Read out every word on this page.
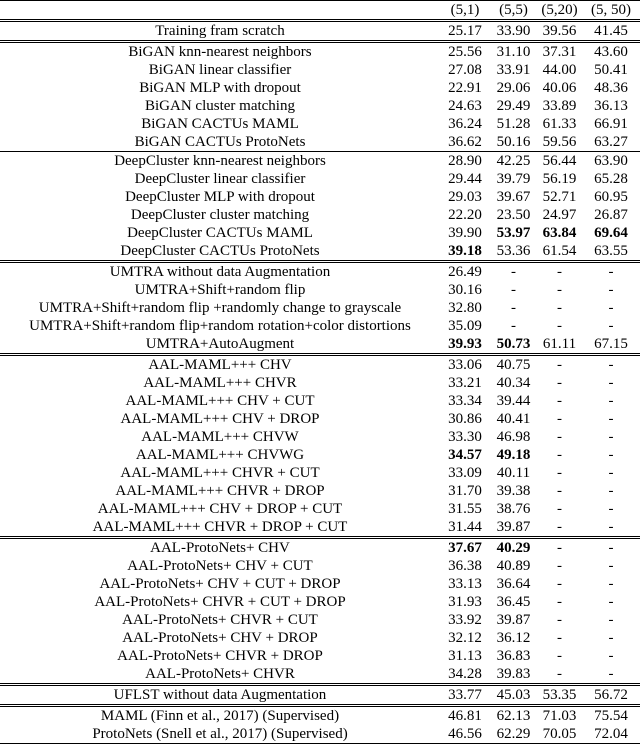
	(5,1)	(5,5)	(5,20)	(5, 50)
Training fram scratch	25.17	33.90	39.56	41.45
BiGAN knn-nearest neighbors	25.56	31.10	37.31	43.60
BiGAN linear classifier	27.08	33.91	44.00	50.41
BiGAN MLP with dropout	22.91	29.06	40.06	48.36
BiGAN cluster matching	24.63	29.49	33.89	36.13
BiGAN CACTUs MAML	36.24	51.28	61.33	66.91
BiGAN CACTUs ProtoNets	36.62	50.16	59.56	63.27
DeepCluster knn-nearest neighbors	28.90	42.25	56.44	63.90
DeepCluster linear classifier	29.44	39.79	56.19	65.28
DeepCluster MLP with dropout	29.03	39.67	52.71	60.95
DeepCluster cluster matching	22.20	23.50	24.97	26.87
DeepCluster CACTUs MAML	39.90	53.97	63.84	69.64
DeepCluster CACTUs ProtoNets	39.18	53.36	61.54	63.55
UMTRA without data Augmentation	26.49	-	-	-
UMTRA+Shift+random flip	30.16	-	-	-
UMTRA+Shift+random flip +randomly change to grayscale	32.80	-	-	-
UMTRA+Shift+random flip+random rotation+color distortions	35.09	-	-	-
UMTRA+AutoAugment	39.93	50.73	61.11	67.15
AAL-MAML+++ CHV	33.06	40.75	-	-
AAL-MAML+++ CHVR	33.21	40.34	-	-
AAL-MAML+++ CHV + CUT	33.34	39.44	-	-
AAL-MAML+++ CHV + DROP	30.86	40.41	-	-
AAL-MAML+++ CHVW	33.30	46.98	-	-
AAL-MAML+++ CHVWG	34.57	49.18	-	-
AAL-MAML+++ CHVR + CUT	33.09	40.11	-	-
AAL-MAML+++ CHVR + DROP	31.70	39.38	-	-
AAL-MAML+++ CHV + DROP + CUT	31.55	38.76	-	-
AAL-MAML+++ CHVR + DROP + CUT	31.44	39.87	-	-
AAL-ProtoNets+ CHV	37.67	40.29	-	-
AAL-ProtoNets+ CHV + CUT	36.38	40.89	-	-
AAL-ProtoNets+ CHV + CUT + DROP	33.13	36.64	-	-
AAL-ProtoNets+ CHVR + CUT + DROP	31.93	36.45	-	-
AAL-ProtoNets+ CHVR + CUT	33.92	39.87	-	-
AAL-ProtoNets+ CHV + DROP	32.12	36.12	-	-
AAL-ProtoNets+ CHVR + DROP	31.13	36.83	-	-
AAL-ProtoNets+ CHVR	34.28	39.83	-	-
UFLST without data Augmentation	33.77	45.03	53.35	56.72
MAML (Finn et al., 2017) (Supervised)	46.81	62.13	71.03	75.54
ProtoNets (Snell et al., 2017) (Supervised)	46.56	62.29	70.05	72.04
